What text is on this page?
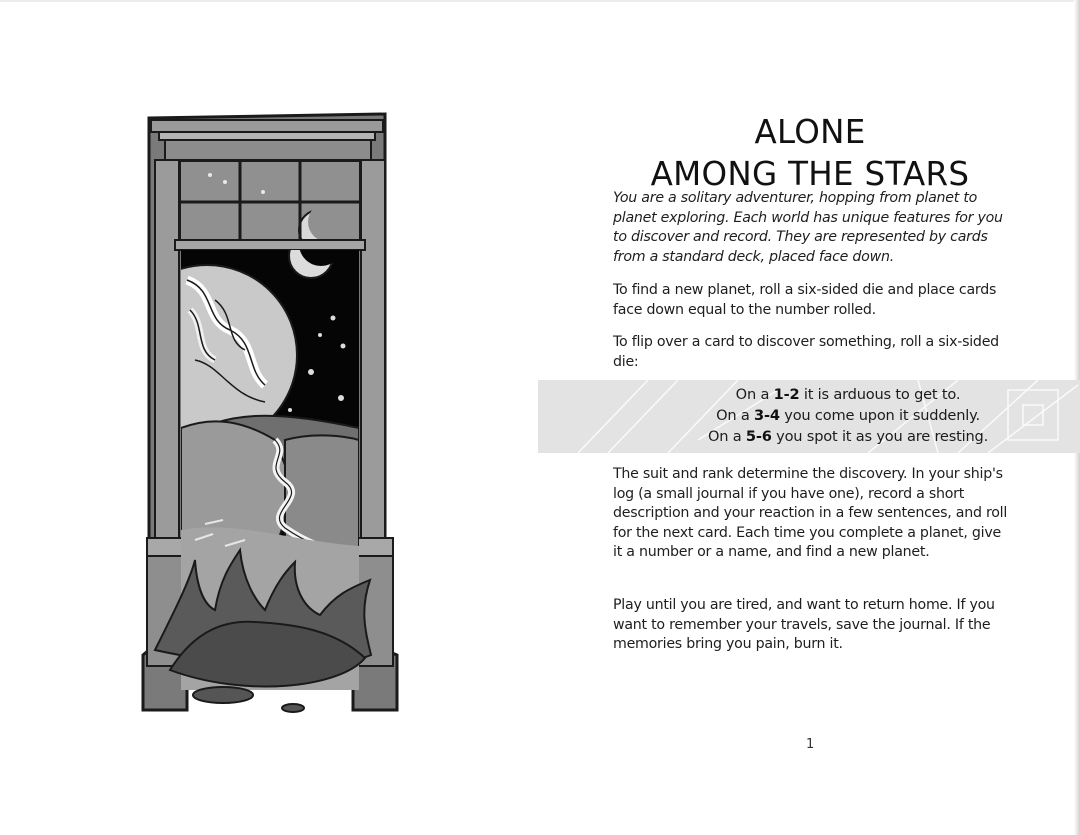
ALONE
AMONG THE STARS

You are a solitary adventurer, hopping from planet to planet exploring. Each world has unique features for you to discover and record. They are represented by cards from a standard deck, placed face down.

To find a new planet, roll a six-sided die and place cards face down equal to the number rolled.

To flip over a card to discover something, roll a six-sided die:

On a 1-2 it is arduous to get to.
On a 3-4 you come upon it suddenly.
On a 5-6 you spot it as you are resting.

The suit and rank determine the discovery. In your ship's log (a small journal if you have one), record a short description and your reaction in a few sentences, and roll for the next card. Each time you complete a planet, give it a number or a name, and find a new planet.

Play until you are tired, and want to return home. If you want to remember your travels, save the journal. If the memories bring you pain, burn it.

1
